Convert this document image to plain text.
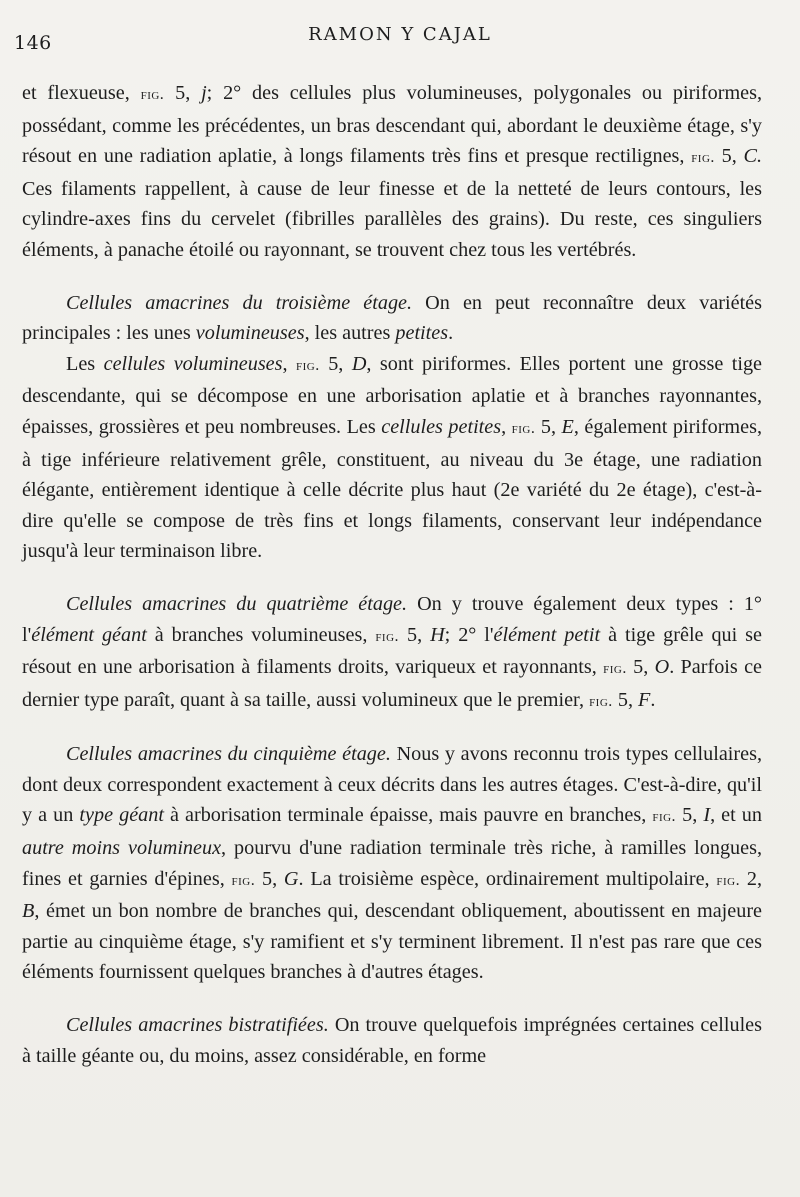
146	RAMON Y CAJAL

et flexueuse, fig. 5, j; 2° des cellules plus volumineuses, polygonales ou piriformes, possédant, comme les précédentes, un bras descendant qui, abordant le deuxième étage, s'y résout en une radiation aplatie, à longs filaments très fins et presque rectilignes, fig. 5, C. Ces filaments rappellent, à cause de leur finesse et de la netteté de leurs contours, les cylindre-axes fins du cervelet (fibrilles parallèles des grains). Du reste, ces singuliers éléments, à panache étoilé ou rayonnant, se trouvent chez tous les vertébrés.

Cellules amacrines du troisième étage. On en peut reconnaître deux variétés principales : les unes volumineuses, les autres petites.

Les cellules volumineuses, fig. 5, D, sont piriformes. Elles portent une grosse tige descendante, qui se décompose en une arborisation aplatie et à branches rayonnantes, épaisses, grossières et peu nombreuses. Les cellules petites, fig. 5, E, également piriformes, à tige inférieure relativement grêle, constituent, au niveau du 3e étage, une radiation élégante, entièrement identique à celle décrite plus haut (2e variété du 2e étage), c'est-à-dire qu'elle se compose de très fins et longs filaments, conservant leur indépendance jusqu'à leur terminaison libre.

Cellules amacrines du quatrième étage. On y trouve également deux types : 1° l'élément géant à branches volumineuses, fig. 5, H; 2° l'élément petit à tige grêle qui se résout en une arborisation à filaments droits, variqueux et rayonnants, fig. 5, O. Parfois ce dernier type paraît, quant à sa taille, aussi volumineux que le premier, fig. 5, F.

Cellules amacrines du cinquième étage. Nous y avons reconnu trois types cellulaires, dont deux correspondent exactement à ceux décrits dans les autres étages. C'est-à-dire, qu'il y a un type géant à arborisation terminale épaisse, mais pauvre en branches, fig. 5, I, et un autre moins volumineux, pourvu d'une radiation terminale très riche, à ramilles longues, fines et garnies d'épines, fig. 5, G. La troisième espèce, ordinairement multipolaire, fig. 2, B, émet un bon nombre de branches qui, descendant obliquement, aboutissent en majeure partie au cinquième étage, s'y ramifient et s'y terminent librement. Il n'est pas rare que ces éléments fournissent quelques branches à d'autres étages.

Cellules amacrines bistratifiées. On trouve quelquefois imprégnées certaines cellules à taille géante ou, du moins, assez considérable, en forme
